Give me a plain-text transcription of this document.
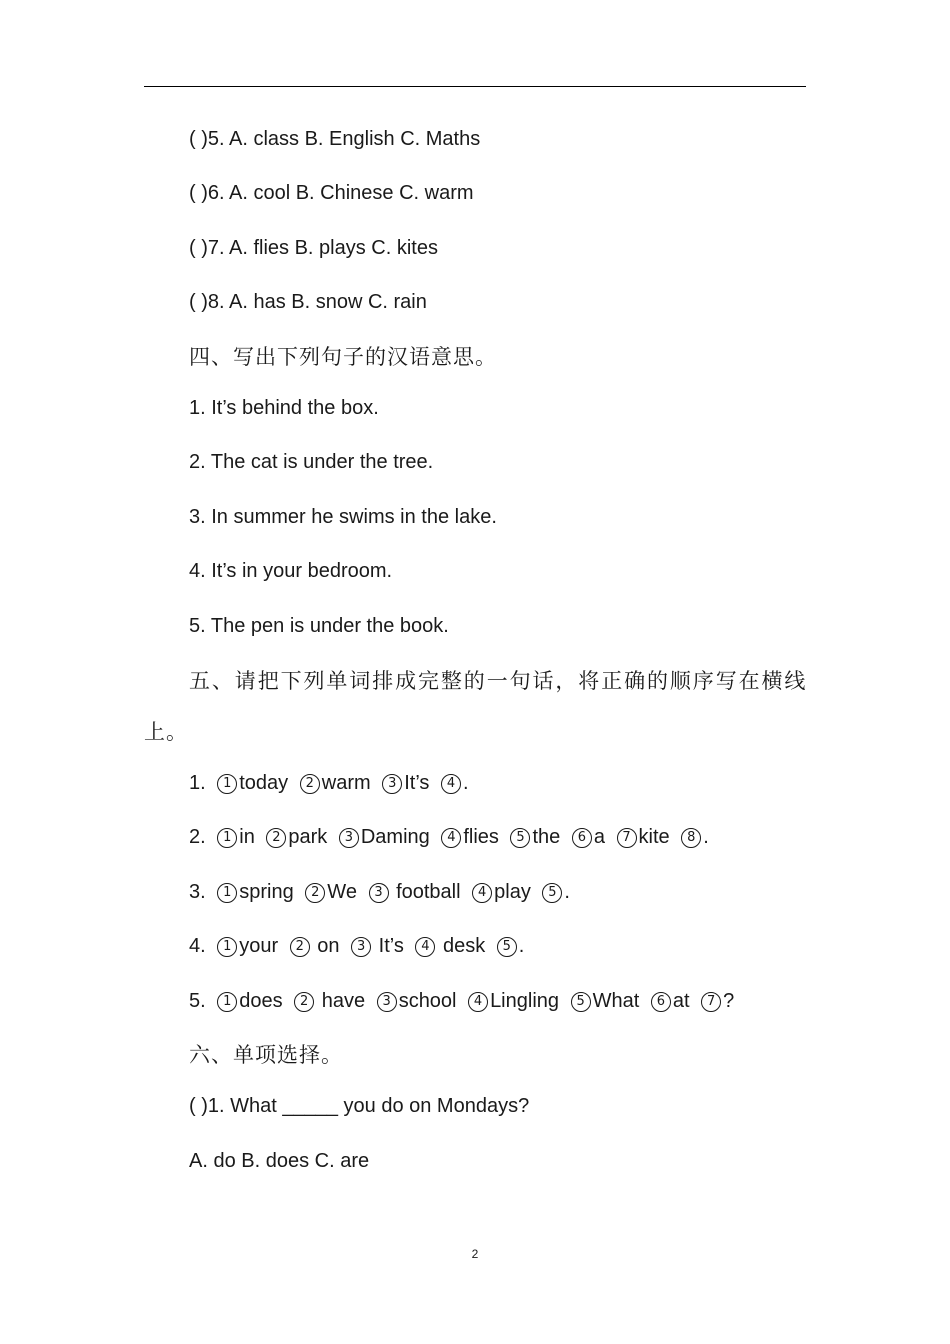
( )5. A. class B. English C. Maths
( )6. A. cool B. Chinese C. warm
( )7. A. flies B. plays C. kites
( )8. A. has B. snow C. rain
四、写出下列句子的汉语意思。
1. It’s behind the box.
2. The cat is under the tree.
3. In summer he swims in the lake.
4. It’s in your bedroom.
5. The pen is under the book.
五、请把下列单词排成完整的一句话，将正确的顺序写在横线
上。
1. 1 today 2 warm 3 It’s 4 .
2. 1 in 2 park 3 Daming 4 flies 5 the 6 a 7 kite 8 .
3. 1 spring 2 We 3 football 4 play 5 .
4. 1 your 2 on 3 It’s 4 desk 5 .
5. 1 does 2 have 3 school 4 Lingling 5 What 6 at 7 ?
六、单项选择。
( )1. What _____ you do on Mondays?
A. do B. does C. are
2
